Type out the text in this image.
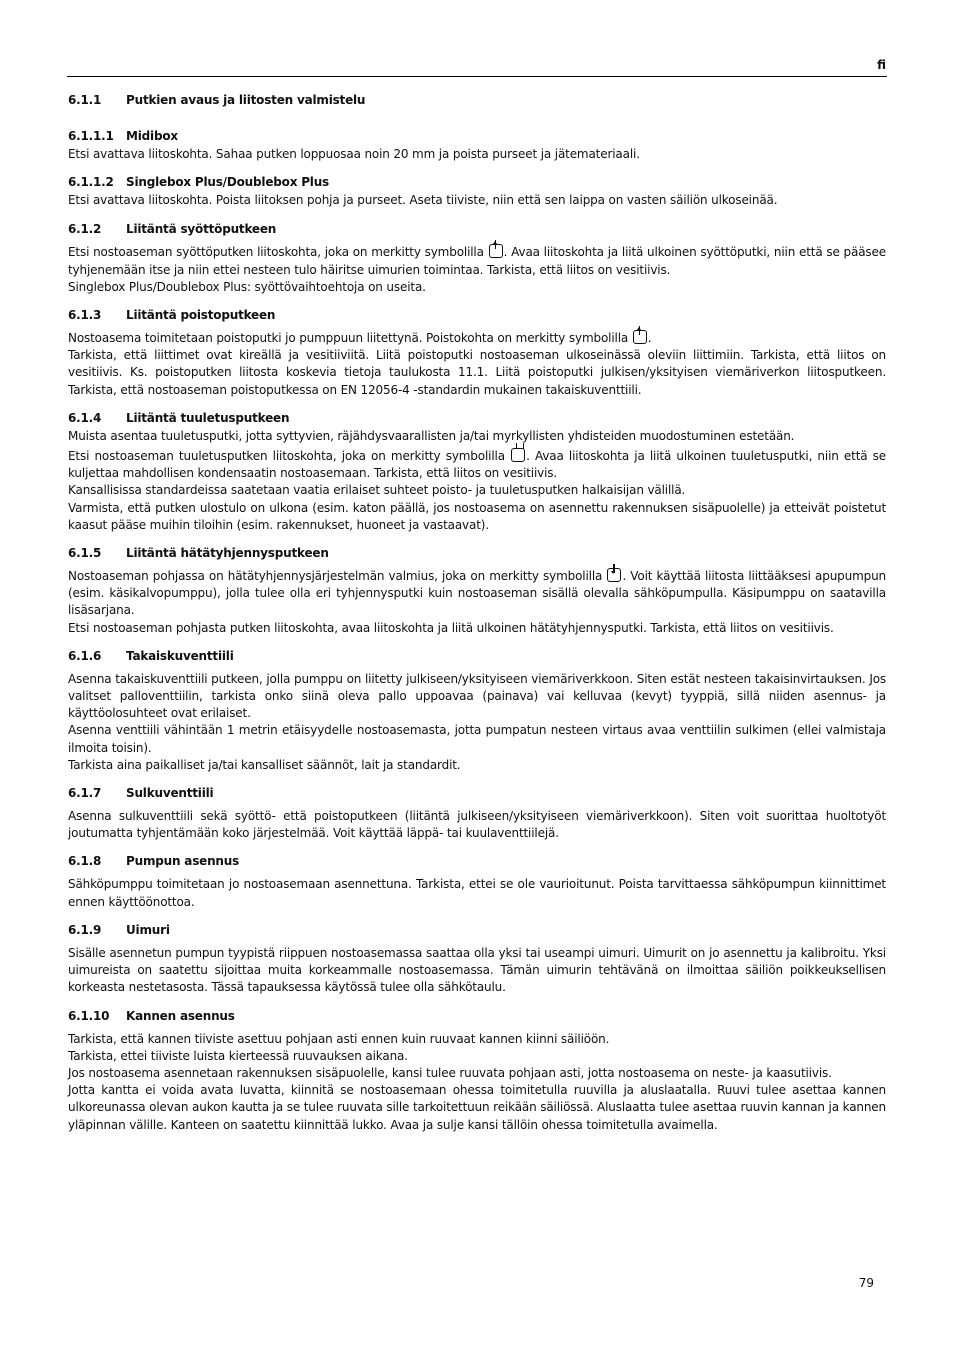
fi
6.1.1	Putkien avaus ja liitosten valmistelu
6.1.1.1	Midibox

Etsi avattava liitoskohta. Sahaa putken loppuosaa noin 20 mm ja poista purseet ja jätemateriaali.

6.1.1.2	Singlebox Plus/Doublebox Plus

Etsi avattava liitoskohta. Poista liitoksen pohja ja purseet. Aseta tiiviste, niin että sen laippa on vasten säiliön ulkoseinää.

6.1.2	Liitäntä syöttöputkeen

Etsi nostoaseman syöttöputken liitoskohta, joka on merkitty symbolilla . Avaa liitoskohta ja liitä ulkoinen syöttöputki, niin että se pääsee tyhjenemään itse ja niin ettei nesteen tulo häiritse uimurien toimintaa. Tarkista, että liitos on vesitiivis.

Singlebox Plus/Doublebox Plus: syöttövaihtoehtoja on useita.

6.1.3	Liitäntä poistoputkeen

Nostoasema toimitetaan poistoputki jo pumppuun liitettynä. Poistokohta on merkitty symbolilla .

Tarkista, että liittimet ovat kireällä ja vesitiiviitä. Liitä poistoputki nostoaseman ulkoseinässä oleviin liittimiin. Tarkista, että liitos on vesitiivis. Ks. poistoputken liitosta koskevia tietoja taulukosta 11.1. Liitä poistoputki julkisen/yksityisen viemäriverkon liitosputkeen. Tarkista, että nostoaseman poistoputkessa on EN 12056-4 -standardin mukainen takaiskuventtiili.

6.1.4	Liitäntä tuuletusputkeen

Muista asentaa tuuletusputki, jotta syttyvien, räjähdysvaarallisten ja/tai myrkyllisten yhdisteiden muodostuminen estetään.

Etsi nostoaseman tuuletusputken liitoskohta, joka on merkitty symbolilla . Avaa liitoskohta ja liitä ulkoinen tuuletusputki, niin että se kuljettaa mahdollisen kondensaatin nostoasemaan. Tarkista, että liitos on vesitiivis.

Kansallisissa standardeissa saatetaan vaatia erilaiset suhteet poisto- ja tuuletusputken halkaisijan välillä.

Varmista, että putken ulostulo on ulkona (esim. katon päällä, jos nostoasema on asennettu rakennuksen sisäpuolelle) ja etteivät poistetut kaasut pääse muihin tiloihin (esim. rakennukset, huoneet ja vastaavat).

6.1.5	Liitäntä hätätyhjennysputkeen

Nostoaseman pohjassa on hätätyhjennysjärjestelmän valmius, joka on merkitty symbolilla . Voit käyttää liitosta liittääksesi apupumpun (esim. käsikalvopumppu), jolla tulee olla eri tyhjennysputki kuin nostoaseman sisällä olevalla sähköpumpulla. Käsipumppu on saatavilla lisäsarjana.

Etsi nostoaseman pohjasta putken liitoskohta, avaa liitoskohta ja liitä ulkoinen hätätyhjennysputki. Tarkista, että liitos on vesitiivis.

6.1.6	Takaiskuventtiili

Asenna takaiskuventtiili putkeen, jolla pumppu on liitetty julkiseen/yksityiseen viemäriverkkoon. Siten estät nesteen takaisinvirtauksen. Jos valitset palloventtiilin, tarkista onko siinä oleva pallo uppoavaa (painava) vai kelluvaa (kevyt) tyyppiä, sillä niiden asennus- ja käyttöolosuhteet ovat erilaiset.

Asenna venttiili vähintään 1 metrin etäisyydelle nostoasemasta, jotta pumpatun nesteen virtaus avaa venttiilin sulkimen (ellei valmistaja ilmoita toisin).

Tarkista aina paikalliset ja/tai kansalliset säännöt, lait ja standardit.

6.1.7	Sulkuventtiili

Asenna sulkuventtiili sekä syöttö- että poistoputkeen (liitäntä julkiseen/yksityiseen viemäriverkkoon). Siten voit suorittaa huoltotyöt joutumatta tyhjentämään koko järjestelmää. Voit käyttää läppä- tai kuulaventtiilejä.

6.1.8	Pumpun asennus

Sähköpumppu toimitetaan jo nostoasemaan asennettuna. Tarkista, ettei se ole vaurioitunut. Poista tarvittaessa sähköpumpun kiinnittimet ennen käyttöönottoa.

6.1.9	Uimuri

Sisälle asennetun pumpun tyypistä riippuen nostoasemassa saattaa olla yksi tai useampi uimuri. Uimurit on jo asennettu ja kalibroitu. Yksi uimureista on saatettu sijoittaa muita korkeammalle nostoasemassa. Tämän uimurin tehtävänä on ilmoittaa säiliön poikkeuksellisen korkeasta nestetasosta. Tässä tapauksessa käytössä tulee olla sähkötaulu.

6.1.10	Kannen asennus

Tarkista, että kannen tiiviste asettuu pohjaan asti ennen kuin ruuvaat kannen kiinni säiliöön.

Tarkista, ettei tiiviste luista kierteessä ruuvauksen aikana.

Jos nostoasema asennetaan rakennuksen sisäpuolelle, kansi tulee ruuvata pohjaan asti, jotta nostoasema on neste- ja kaasutiivis.

Jotta kantta ei voida avata luvatta, kiinnitä se nostoasemaan ohessa toimitetulla ruuvilla ja aluslaatalla. Ruuvi tulee asettaa kannen ulkoreunassa olevan aukon kautta ja se tulee ruuvata sille tarkoitettuun reikään säiliössä. Aluslaatta tulee asettaa ruuvin kannan ja kannen yläpinnan välille. Kanteen on saatettu kiinnittää lukko. Avaa ja sulje kansi tällöin ohessa toimitetulla avaimella.

79
